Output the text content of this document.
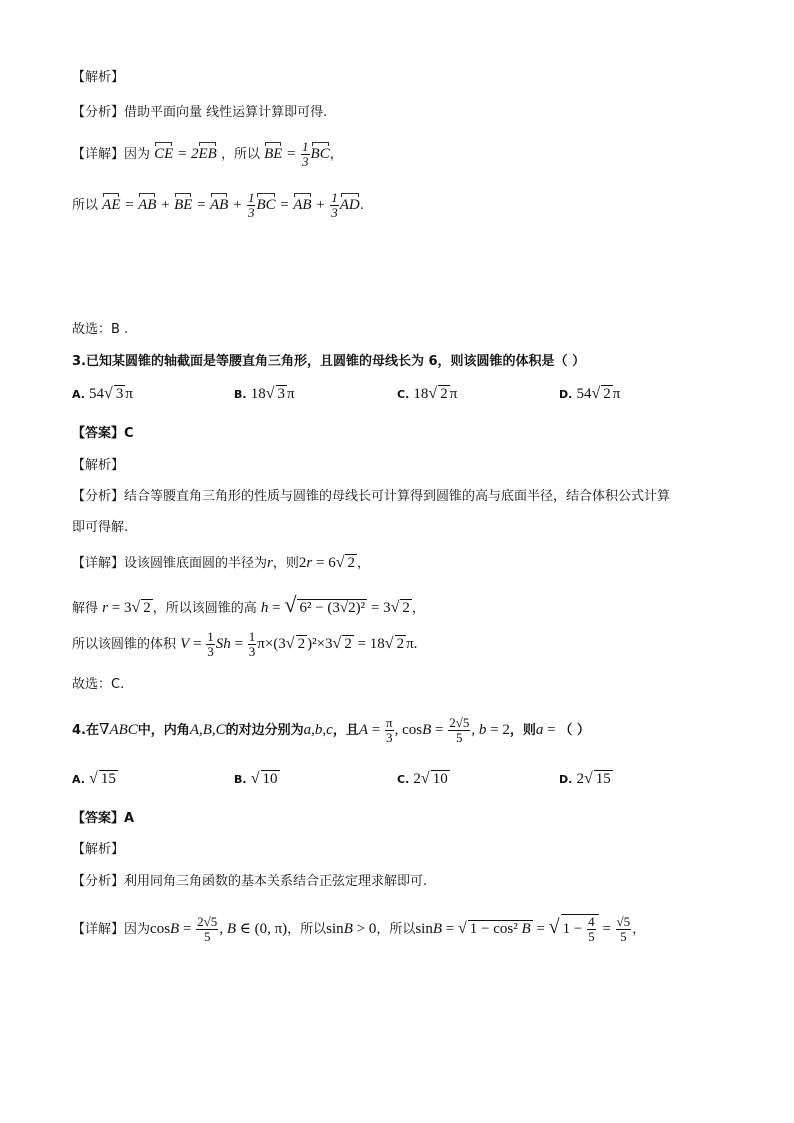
【解析】
【分析】借助平面向量 线性运算计算即可得.
【详解】因为 CE = 2EB ，所以 BE = $\frac{1}{3}$ BC，
所以 AE = AB + BE = AB + $\frac{1}{3}$ BC = AB + $\frac{1}{3}$ AD.
故选：B .
3.已知某圆锥的轴截面是等腰直角三角形，且圆锥的母线长为 6，则该圆锥的体积是（ ）
A. 54√ 3 π	B. 18√ 3 π	C. 18√ 2 π	D. 54√ 2 π
【答案】C
【解析】
【分析】结合等腰直角三角形的性质与圆锥的母线长可计算得到圆锥的高与底面半径，结合体积公式计算
即可得解.
【详解】设该圆锥底面圆的半径为r，则2r = 6√ 2 ，
解得 r = 3√ 2 ，所以该圆锥的高 h = √ 6² − (3√2)² = 3√ 2 ，
所以该圆锥的体积 $V = \frac{1}{3}$ $Sh = \frac{1}{3} \pi\times(3√$ 2 )²×3√ 2 = 18√ 2 π.
故选：C.
4.在∇ABC中，内角A,B,C的对边分别为a,b,c，且$A = \frac{\pi}{3}$ , $\cos B = \frac{2√5}{5}$ , b = 2，则a = （ ）
A. √ 15	B. √ 10	C. 2√ 10	D. 2√ 15
【答案】A
【解析】
【分析】利用同角三角函数的基本关系结合正弦定理求解即可.
【详解】因为$\cos B = \frac{2√5}{5}$ , B ∈ (0, π)，所以sinB > 0，所以sinB = √ 1 − cos² B = √ $1 - \frac{4}{5} = \frac{√5}{5}$ ，
